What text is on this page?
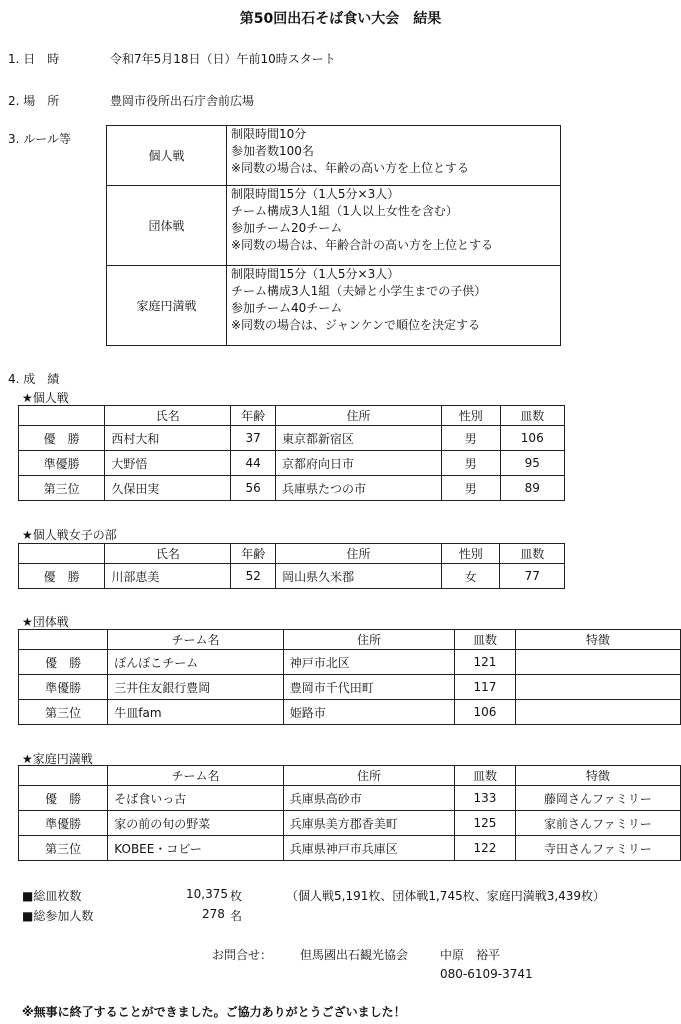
第50回出石そば食い大会　結果
1. 日　時	令和7年5月18日（日）午前10時スタート
2. 場　所	豊岡市役所出石庁舎前広場
3. ルール等
個人戦	制限時間10分
参加者数100名
※同数の場合は、年齢の高い方を上位とする

団体戦	制限時間15分（1人5分×3人）
チーム構成3人1組（1人以上女性を含む）
参加チーム20チーム
※同数の場合は、年齢合計の高い方を上位とする

家庭円満戦	制限時間15分（1人5分×3人）
チーム構成3人1組（夫婦と小学生までの子供）
参加チーム40チーム
※同数の場合は、ジャンケンで順位を決定する
4. 成　績
★個人戦
	氏名	年齢	住所	性別	皿数
優　勝	西村大和	37	東京都新宿区	男	106
準優勝	大野悟	44	京都府向日市	男	95
第三位	久保田実	56	兵庫県たつの市	男	89
★個人戦女子の部
	氏名	年齢	住所	性別	皿数
優　勝	川部恵美	52	岡山県久米郡	女	77
★団体戦
	チーム名	住所	皿数	特徴
優　勝	ぽんぽこチーム	神戸市北区	121	
準優勝	三井住友銀行豊岡	豊岡市千代田町	117	
第三位	牛皿fam	姫路市	106	
★家庭円満戦
	チーム名	住所	皿数	特徴
優　勝	そば食いっ古	兵庫県高砂市	133	藤岡さんファミリー
準優勝	家の前の旬の野菜	兵庫県美方郡香美町	125	家前さんファミリー
第三位	KOBEE・コビー	兵庫県神戸市兵庫区	122	寺田さんファミリー
■総皿枚数	10,375 枚	（個人戦5,191枚、団体戦1,745枚、家庭円満戦3,439枚）
■総参加人数	278 名
お問合せ： 但馬國出石観光協会	中原　裕平
080-6109-3741
※無事に終了することができました。ご協力ありがとうございました！
